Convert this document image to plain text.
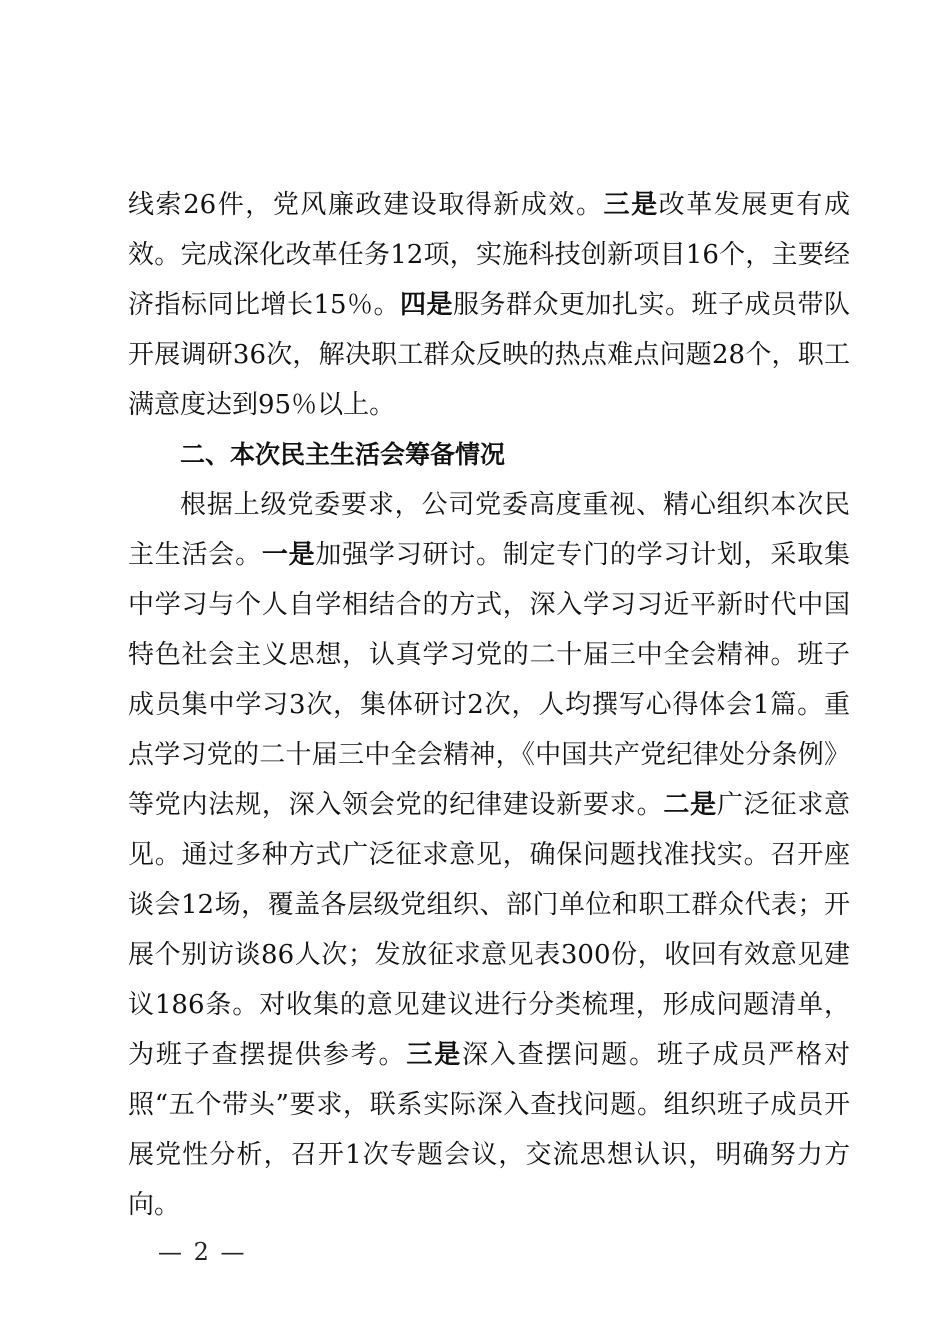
线索26件，党风廉政建设取得新成效。三是改革发展更有成效。完成深化改革任务12项，实施科技创新项目16个，主要经济指标同比增长15％。四是服务群众更加扎实。班子成员带队开展调研36次，解决职工群众反映的热点难点问题28个，职工满意度达到95％以上。

二、本次民主生活会筹备情况

根据上级党委要求，公司党委高度重视、精心组织本次民主生活会。一是加强学习研讨。制定专门的学习计划，采取集中学习与个人自学相结合的方式，深入学习习近平新时代中国特色社会主义思想，认真学习党的二十届三中全会精神。班子成员集中学习3次，集体研讨2次，人均撰写心得体会1篇。重点学习党的二十届三中全会精神，《中国共产党纪律处分条例》等党内法规，深入领会党的纪律建设新要求。二是广泛征求意见。通过多种方式广泛征求意见，确保问题找准找实。召开座谈会12场，覆盖各层级党组织、部门单位和职工群众代表；开展个别访谈86人次；发放征求意见表300份，收回有效意见建议186条。对收集的意见建议进行分类梳理，形成问题清单，为班子查摆提供参考。三是深入查摆问题。班子成员严格对照“五个带头”要求，联系实际深入查找问题。组织班子成员开展党性分析，召开1次专题会议，交流思想认识，明确努力方向。

— 2 —
